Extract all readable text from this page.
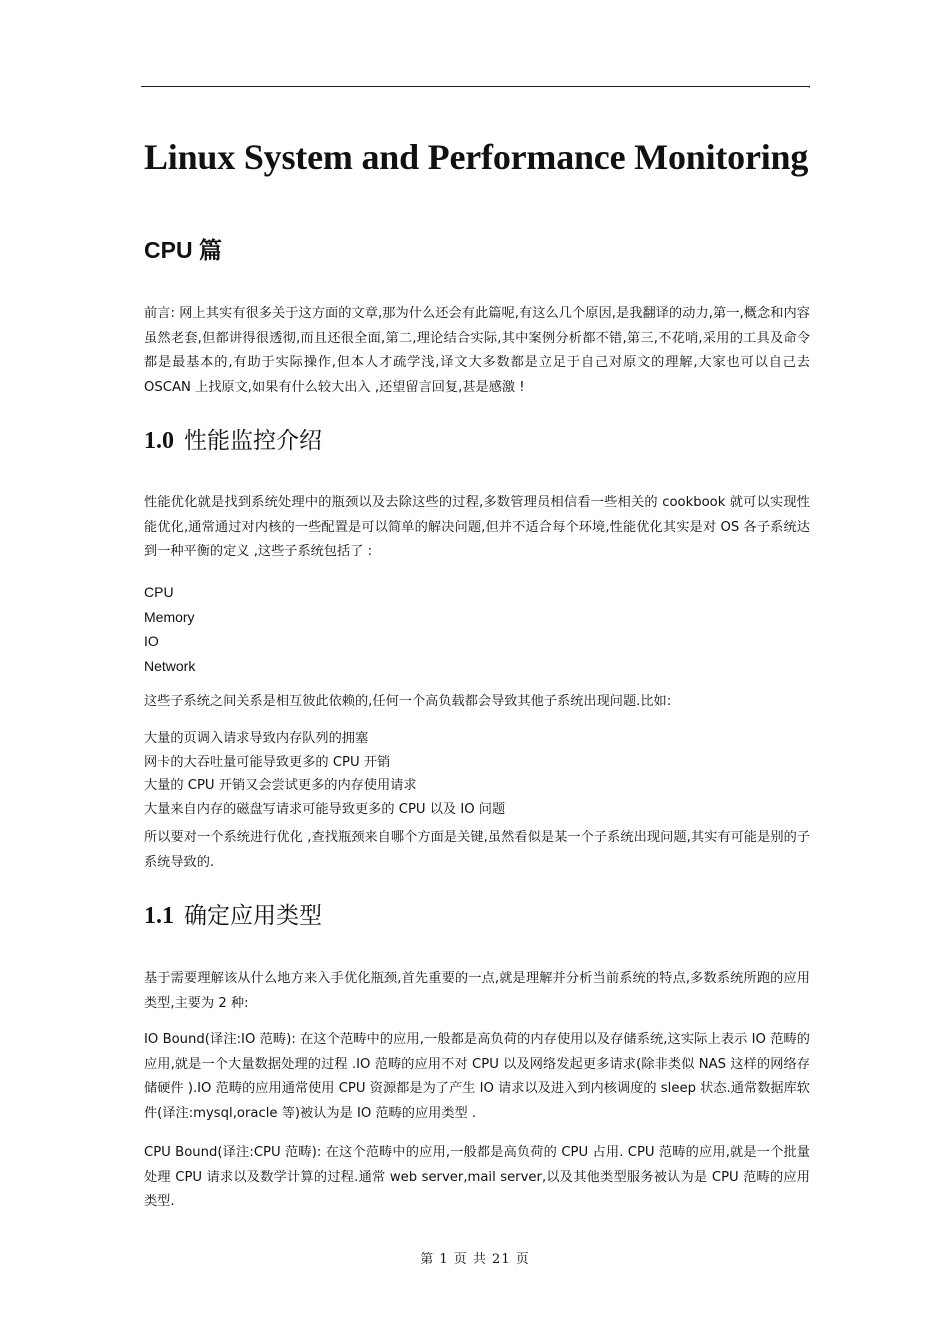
,
Linux System and Performance Monitoring
CPU 篇

前言: 网上其实有很多关于这方面的文章,那为什么还会有此篇呢,有这么几个原因,是我翻译的动力,第一,概念和内容虽然老套,但都讲得很透彻,而且还很全面,第二,理论结合实际,其中案例分析都不错,第三,不花哨,采用的工具及命令都是最基本的,有助于实际操作,但本人才疏学浅,译文大多数都是立足于自己对原文的理解,大家也可以自己去 OSCAN 上找原文,如果有什么较大出入 ,还望留言回复,甚是感激 !

1.0 性能监控介绍

性能优化就是找到系统处理中的瓶颈以及去除这些的过程,多数管理员相信看一些相关的 cookbook 就可以实现性能优化,通常通过对内核的一些配置是可以简单的解决问题,但并不适合每个环境,性能优化其实是对 OS 各子系统达到一种平衡的定义 ,这些子系统包括了 :

CPU
Memory
IO
Network

这些子系统之间关系是相互彼此依赖的,任何一个高负载都会导致其他子系统出现问题.比如:

大量的页调入请求导致内存队列的拥塞
网卡的大吞吐量可能导致更多的 CPU 开销
大量的 CPU 开销又会尝试更多的内存使用请求
大量来自内存的磁盘写请求可能导致更多的 CPU 以及 IO 问题

所以要对一个系统进行优化 ,查找瓶颈来自哪个方面是关键,虽然看似是某一个子系统出现问题,其实有可能是别的子系统导致的.

1.1 确定应用类型

基于需要理解该从什么地方来入手优化瓶颈,首先重要的一点,就是理解并分析当前系统的特点,多数系统所跑的应用类型,主要为 2 种:

IO Bound(译注:IO 范畴): 在这个范畴中的应用,一般都是高负荷的内存使用以及存储系统,这实际上表示 IO 范畴的应用,就是一个大量数据处理的过程 .IO 范畴的应用不对 CPU 以及网络发起更多请求(除非类似 NAS 这样的网络存储硬件 ).IO 范畴的应用通常使用 CPU 资源都是为了产生 IO 请求以及进入到内核调度的 sleep 状态.通常数据库软件(译注:mysql,oracle 等)被认为是 IO 范畴的应用类型 .

CPU Bound(译注:CPU 范畴): 在这个范畴中的应用,一般都是高负荷的 CPU 占用. CPU 范畴的应用,就是一个批量处理 CPU 请求以及数学计算的过程.通常 web server,mail server,以及其他类型服务被认为是 CPU 范畴的应用类型.

第 1 页 共 21 页
